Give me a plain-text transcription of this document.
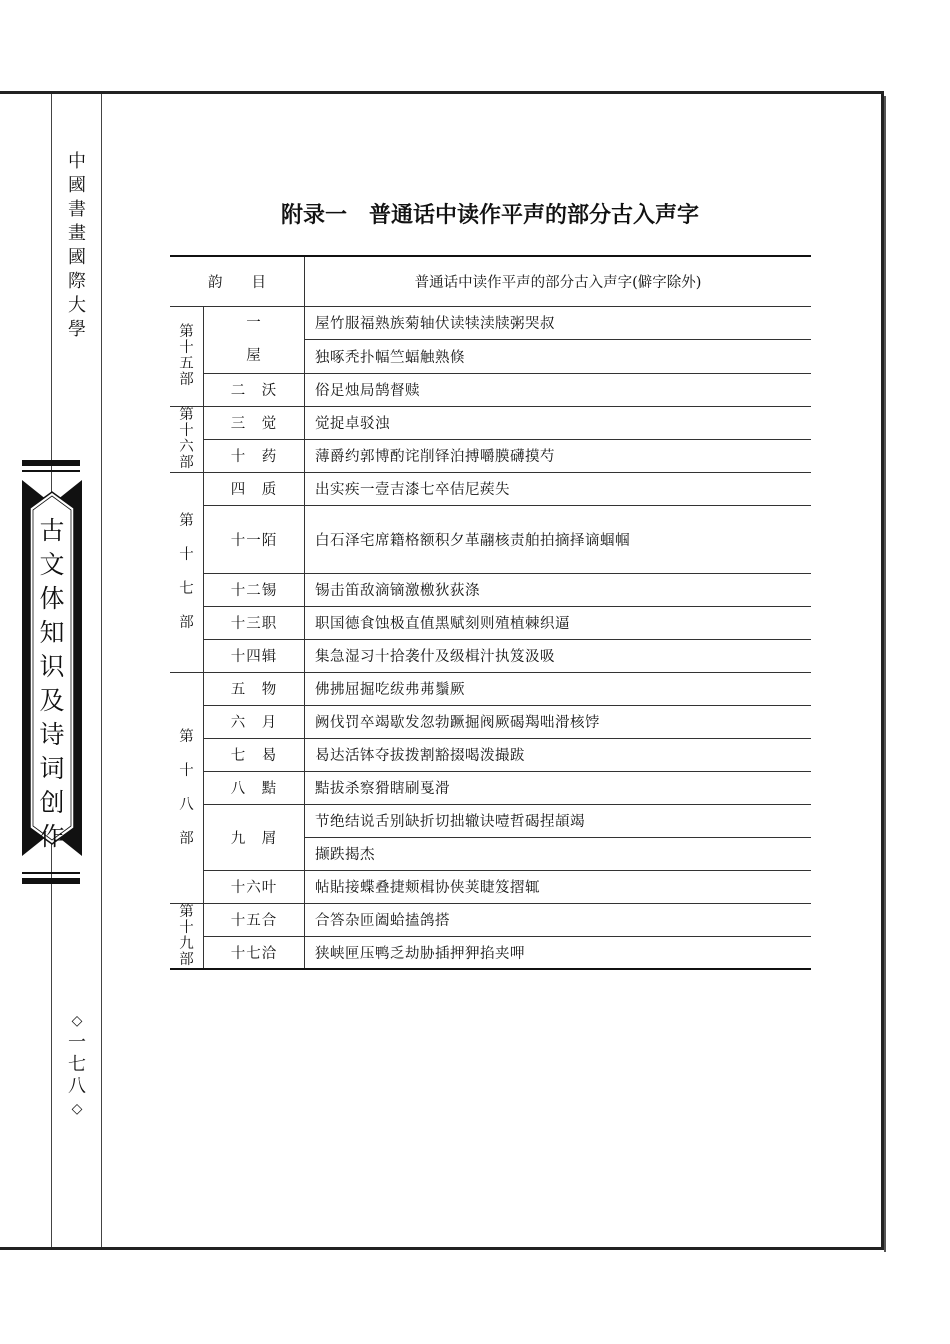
中
國
書
畫
國
際
大
學
古
文
体
知
识
及
诗
词
创
作
◇
一
七
八
◇
附录一　普通话中读作平声的部分古入声字
韵　　目		普通话中读作平声的部分古入声字(僻字除外)

第
十
五
部	一
屋	屋竹服福熟族菊轴伏读犊渎牍粥哭叔
		独啄秃扑幅竺蝠触熟倏

	二　沃	俗足烛局鹄督赎

第
十
六
部	三　觉	觉捉卓驳浊

	十　药	薄爵约郭博酌诧削铎泊搏嚼膜礴摸芍

第
十
七
部	四　质	出实疾一壹吉漆七卒佶尼蒺失

	十一陌	白石泽宅席籍格额积夕革翮核责舶拍摘择谪蝈帼

	十二锡	锡击笛敌滴镝激檄狄荻涤

	十三职	职国德食蚀极直值黑赋刻则殖植棘织逼

	十四辑	集急湿习十拾袭什及级楫汁执笈汲吸

第
十
八
部	五　物	佛拂屈掘吃绂弗茀鬚厥

	六　月	阙伐罚卒竭歇发忽勃蹶掘阀厥碣羯咄滑核饽

	七　曷	曷达活钵夺拔拨割豁掇喝泼撮跋

	八　黠	黠拔杀察猾瞎刷戛滑

	九　屑	节绝结说舌别缺折切拙辙诀噎哲碣捏頡竭
		撷跌揭杰

	十六叶	帖貼接蝶叠捷颊楫协侠荚睫笈摺辄

第
十
九
部	十五合	合答杂匝阖蛤搕鸽搭

	十七洽	狭峡匣压鸭乏劫胁插押狎掐夹呷
